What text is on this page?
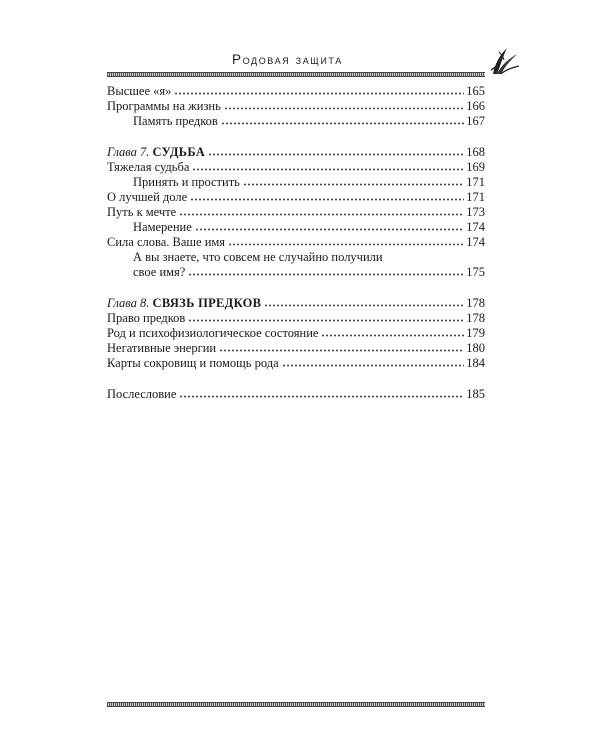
Родовая защита
Высшее «я»	165
Программы на жизнь	166
Память предков	167
Глава 7. СУДЬБА	168
Тяжелая судьба	169
Принять и простить	171
О лучшей доле	171
Путь к мечте	173
Намерение	174
Сила слова. Ваше имя	174
А вы знаете, что совсем не случайно получили
свое имя?	175
Глава 8. СВЯЗЬ ПРЕДКОВ	178
Право предков	178
Род и психофизиологическое состояние	179
Негативные энергии	180
Карты сокровищ и помощь рода	184
Послесловие	185
